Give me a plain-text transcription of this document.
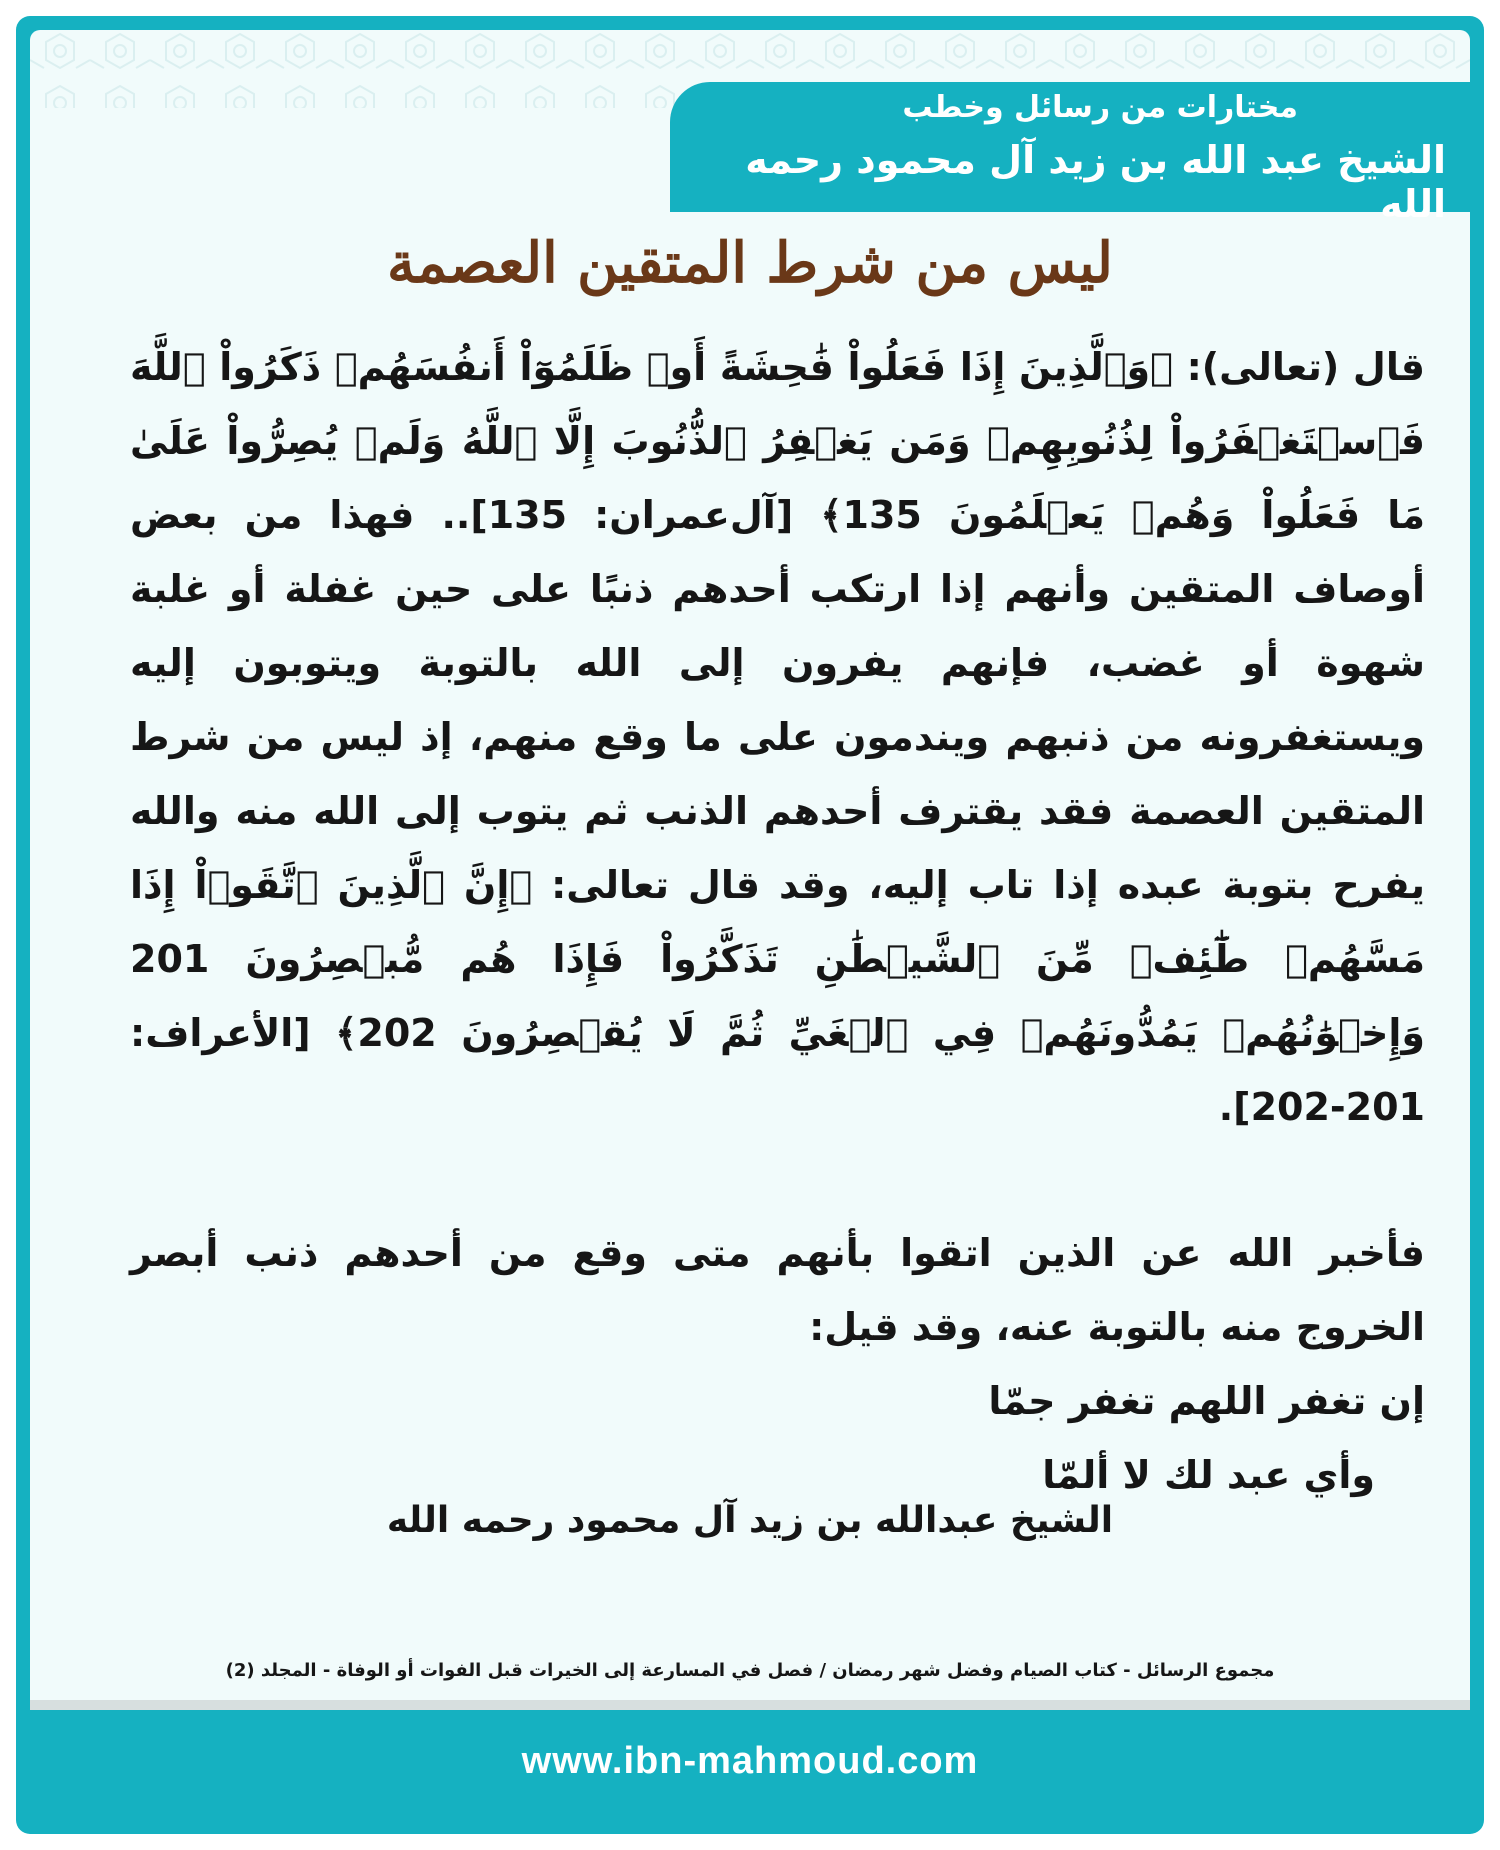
مختارات من رسائل وخطب
الشيخ عبد الله بن زيد آل محمود رحمه الله
ليس من شرط المتقين العصمة

قال (تعالى): ﴿وَٱلَّذِينَ إِذَا فَعَلُواْ فَٰحِشَةً أَوۡ ظَلَمُوٓاْ أَنفُسَهُمۡ ذَكَرُواْ ٱللَّهَ فَٱسۡتَغۡفَرُواْ لِذُنُوبِهِمۡ وَمَن يَغۡفِرُ ٱلذُّنُوبَ إِلَّا ٱللَّهُ وَلَمۡ يُصِرُّواْ عَلَىٰ مَا فَعَلُواْ وَهُمۡ يَعۡلَمُونَ 135﴾ [آل‌عمران: 135].. فهذا من بعض أوصاف المتقين وأنهم إذا ارتكب أحدهم ذنبًا على حين غفلة أو غلبة شهوة أو غضب، فإنهم يفرون إلى الله بالتوبة ويتوبون إليه ويستغفرونه من ذنبهم ويندمون على ما وقع منهم، إذ ليس من شرط المتقين العصمة فقد يقترف أحدهم الذنب ثم يتوب إلى الله منه والله يفرح بتوبة عبده إذا تاب إليه، وقد قال تعالى: ﴿إِنَّ ٱلَّذِينَ ٱتَّقَوۡاْ إِذَا مَسَّهُمۡ طَٰٓئِفٞ مِّنَ ٱلشَّيۡطَٰنِ تَذَكَّرُواْ فَإِذَا هُم مُّبۡصِرُونَ 201 وَإِخۡوَٰنُهُمۡ يَمُدُّونَهُمۡ فِي ٱلۡغَيِّ ثُمَّ لَا يُقۡصِرُونَ 202﴾ [الأعراف: 201-202].

فأخبر الله عن الذين اتقوا بأنهم متى وقع من أحدهم ذنب أبصر الخروج منه بالتوبة عنه، وقد قيل:

إن تغفر اللهم تغفر جمّا

وأي عبد لك لا ألمّا

الشيخ عبدالله بن زيد آل محمود رحمه الله
مجموع الرسائل - كتاب الصيام وفضل شهر رمضان / فصل في المسارعة إلى الخيرات قبل الفوات أو الوفاة - المجلد (2)
www.ibn-mahmoud.com
